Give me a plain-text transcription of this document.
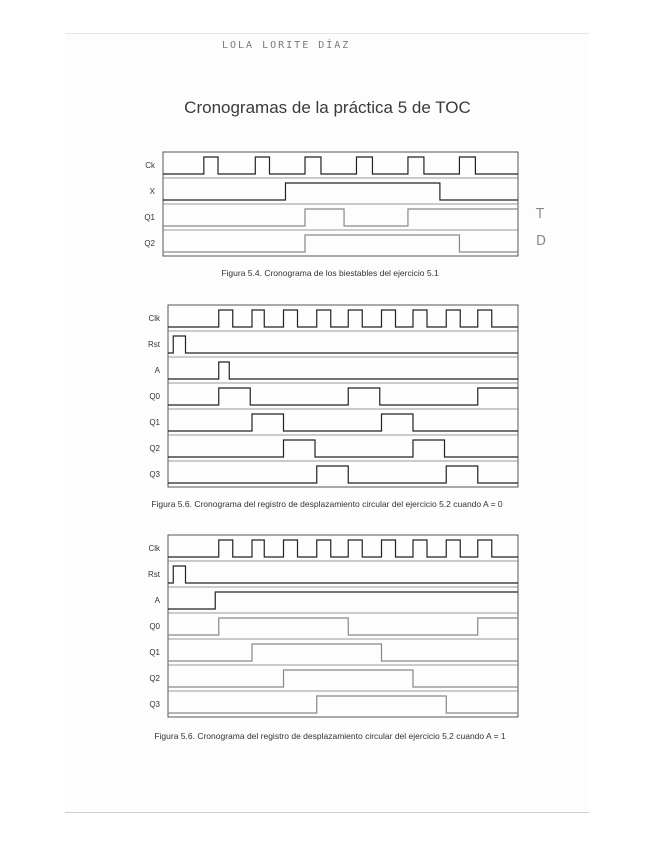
LOLA LORITE DÍAZ
Cronogramas de la práctica 5 de TOC
Ck
X
Q1	T
Q2	D
Figura 5.4. Cronograma de los biestables del ejercicio 5.1
Clk
Rst
A
Q0
Q1
Q2
Q3
Figura 5.6. Cronograma del registro de desplazamiento circular del ejercicio 5.2 cuando A = 0
Clk
Rst
A
Q0
Q1
Q2
Q3
Figura 5.6. Cronograma del registro de desplazamiento circular del ejercicio 5.2 cuando A = 1
